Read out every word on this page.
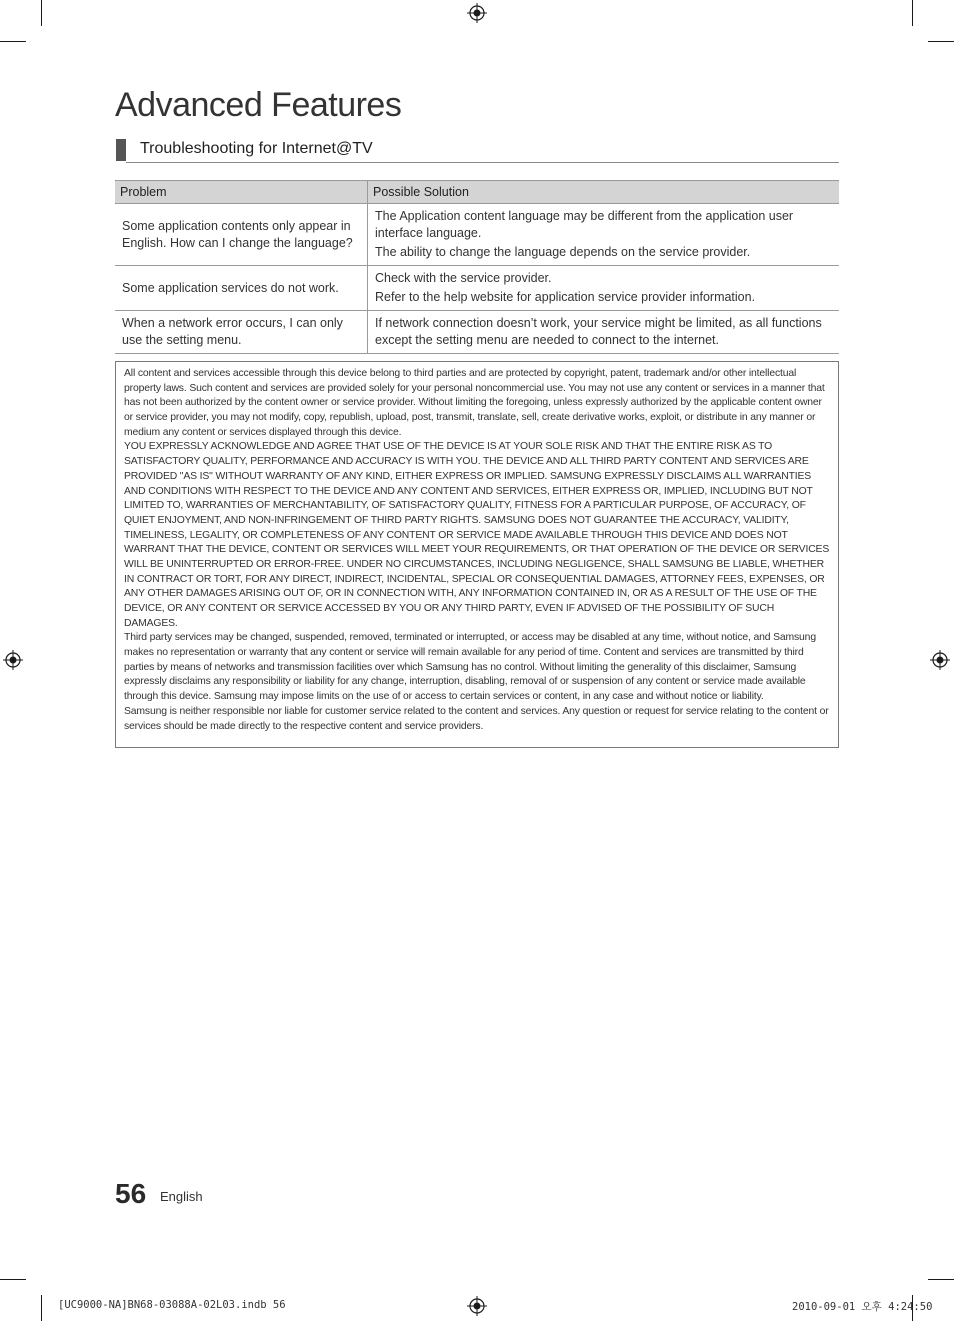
Advanced Features
Troubleshooting for Internet@TV
Problem	Possible Solution
Some application contents only appear in English. How can I change the language?	The Application content language may be different from the application user interface language.

The ability to change the language depends on the service provider.

Some application services do not work.	Check with the service provider.

Refer to the help website for application service provider information.

When a network error occurs, I can only use the setting menu.	If network connection doesn’t work, your service might be limited, as all functions except the setting menu are needed to connect to the internet.

All content and services accessible through this device belong to third parties and are protected by copyright, patent, trademark and/or other intellectual property laws. Such content and services are provided solely for your personal noncommercial use. You may not use any content or services in a manner that has not been authorized by the content owner or service provider. Without limiting the foregoing, unless expressly authorized by the applicable content owner or service provider, you may not modify, copy, republish, upload, post, transmit, translate, sell, create derivative works, exploit, or distribute in any manner or medium any content or services displayed through this device.

YOU EXPRESSLY ACKNOWLEDGE AND AGREE THAT USE OF THE DEVICE IS AT YOUR SOLE RISK AND THAT THE ENTIRE RISK AS TO SATISFACTORY QUALITY, PERFORMANCE AND ACCURACY IS WITH YOU. THE DEVICE AND ALL THIRD PARTY CONTENT AND SERVICES ARE PROVIDED "AS IS" WITHOUT WARRANTY OF ANY KIND, EITHER EXPRESS OR IMPLIED. SAMSUNG EXPRESSLY DISCLAIMS ALL WARRANTIES AND CONDITIONS WITH RESPECT TO THE DEVICE AND ANY CONTENT AND SERVICES, EITHER EXPRESS OR, IMPLIED, INCLUDING BUT NOT LIMITED TO, WARRANTIES OF MERCHANTABILITY, OF SATISFACTORY QUALITY, FITNESS FOR A PARTICULAR PURPOSE, OF ACCURACY, OF QUIET ENJOYMENT, AND NON-INFRINGEMENT OF THIRD PARTY RIGHTS. SAMSUNG DOES NOT GUARANTEE THE ACCURACY, VALIDITY, TIMELINESS, LEGALITY, OR COMPLETENESS OF ANY CONTENT OR SERVICE MADE AVAILABLE THROUGH THIS DEVICE AND DOES NOT WARRANT THAT THE DEVICE, CONTENT OR SERVICES WILL MEET YOUR REQUIREMENTS, OR THAT OPERATION OF THE DEVICE OR SERVICES WILL BE UNINTERRUPTED OR ERROR-FREE. UNDER NO CIRCUMSTANCES, INCLUDING NEGLIGENCE, SHALL SAMSUNG BE LIABLE, WHETHER IN CONTRACT OR TORT, FOR ANY DIRECT, INDIRECT, INCIDENTAL, SPECIAL OR CONSEQUENTIAL DAMAGES, ATTORNEY FEES, EXPENSES, OR ANY OTHER DAMAGES ARISING OUT OF, OR IN CONNECTION WITH, ANY INFORMATION CONTAINED IN, OR AS A RESULT OF THE USE OF THE DEVICE, OR ANY CONTENT OR SERVICE ACCESSED BY YOU OR ANY THIRD PARTY, EVEN IF ADVISED OF THE POSSIBILITY OF SUCH DAMAGES.

Third party services may be changed, suspended, removed, terminated or interrupted, or access may be disabled at any time, without notice, and Samsung makes no representation or warranty that any content or service will remain available for any period of time. Content and services are transmitted by third parties by means of networks and transmission facilities over which Samsung has no control. Without limiting the generality of this disclaimer, Samsung expressly disclaims any responsibility or liability for any change, interruption, disabling, removal of or suspension of any content or service made available through this device. Samsung may impose limits on the use of or access to certain services or content, in any case and without notice or liability.

Samsung is neither responsible nor liable for customer service related to the content and services. Any question or request for service relating to the content or services should be made directly to the respective content and service providers.

56 English
[UC9000-NA]BN68-03088A-02L03.indb 56	2010-09-01 오후 4:24:50
